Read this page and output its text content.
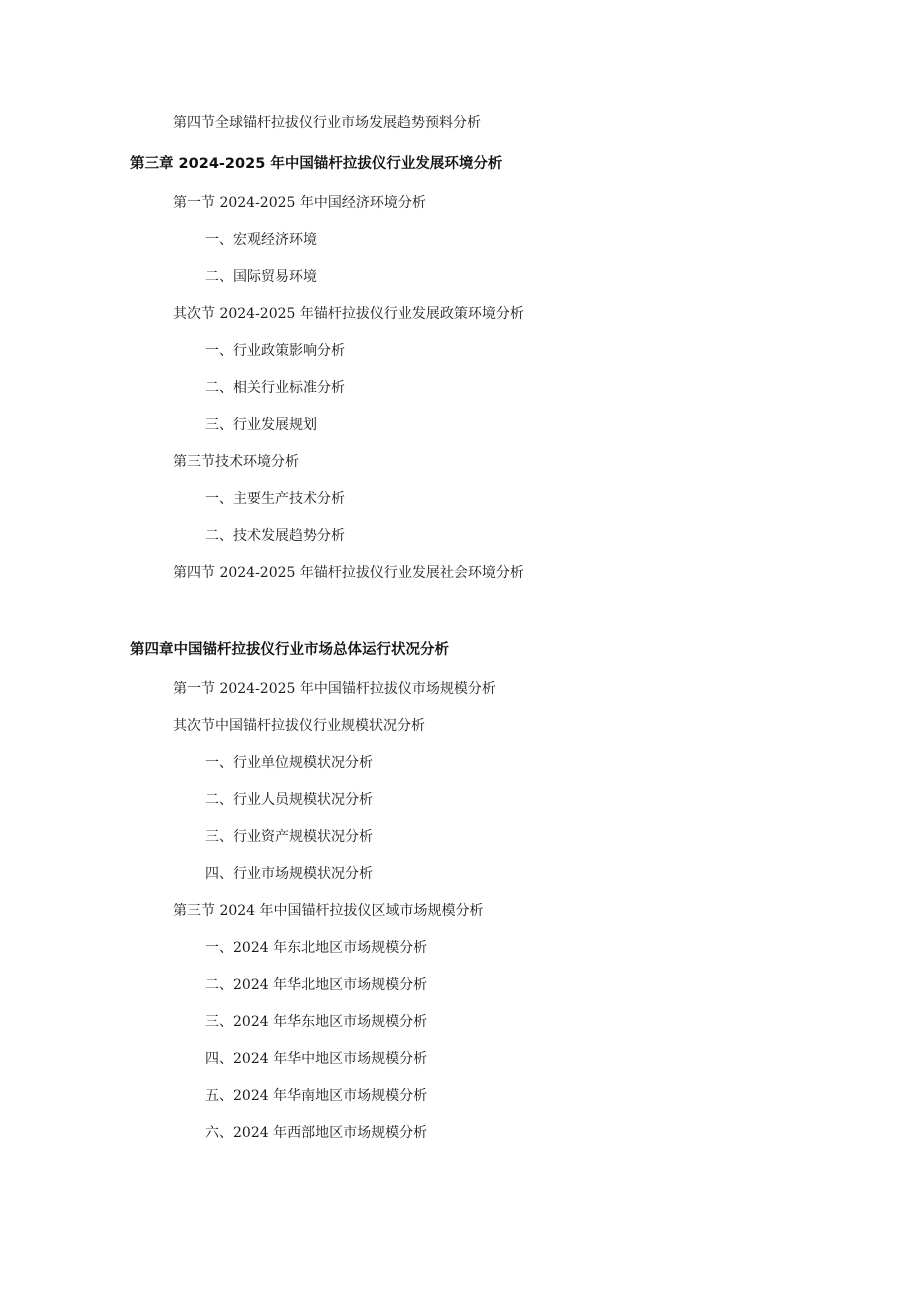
第四节全球锚杆拉拔仪行业市场发展趋势预料分析
第三章 2024-2025 年中国锚杆拉拔仪行业发展环境分析
第一节 2024-2025 年中国经济环境分析
一、宏观经济环境
二、国际贸易环境
其次节 2024-2025 年锚杆拉拔仪行业发展政策环境分析
一、行业政策影响分析
二、相关行业标准分析
三、行业发展规划
第三节技术环境分析
一、主要生产技术分析
二、技术发展趋势分析
第四节 2024-2025 年锚杆拉拔仪行业发展社会环境分析
第四章中国锚杆拉拔仪行业市场总体运行状况分析
第一节 2024-2025 年中国锚杆拉拔仪市场规模分析
其次节中国锚杆拉拔仪行业规模状况分析
一、行业单位规模状况分析
二、行业人员规模状况分析
三、行业资产规模状况分析
四、行业市场规模状况分析
第三节 2024 年中国锚杆拉拔仪区域市场规模分析
一、2024 年东北地区市场规模分析
二、2024 年华北地区市场规模分析
三、2024 年华东地区市场规模分析
四、2024 年华中地区市场规模分析
五、2024 年华南地区市场规模分析
六、2024 年西部地区市场规模分析
